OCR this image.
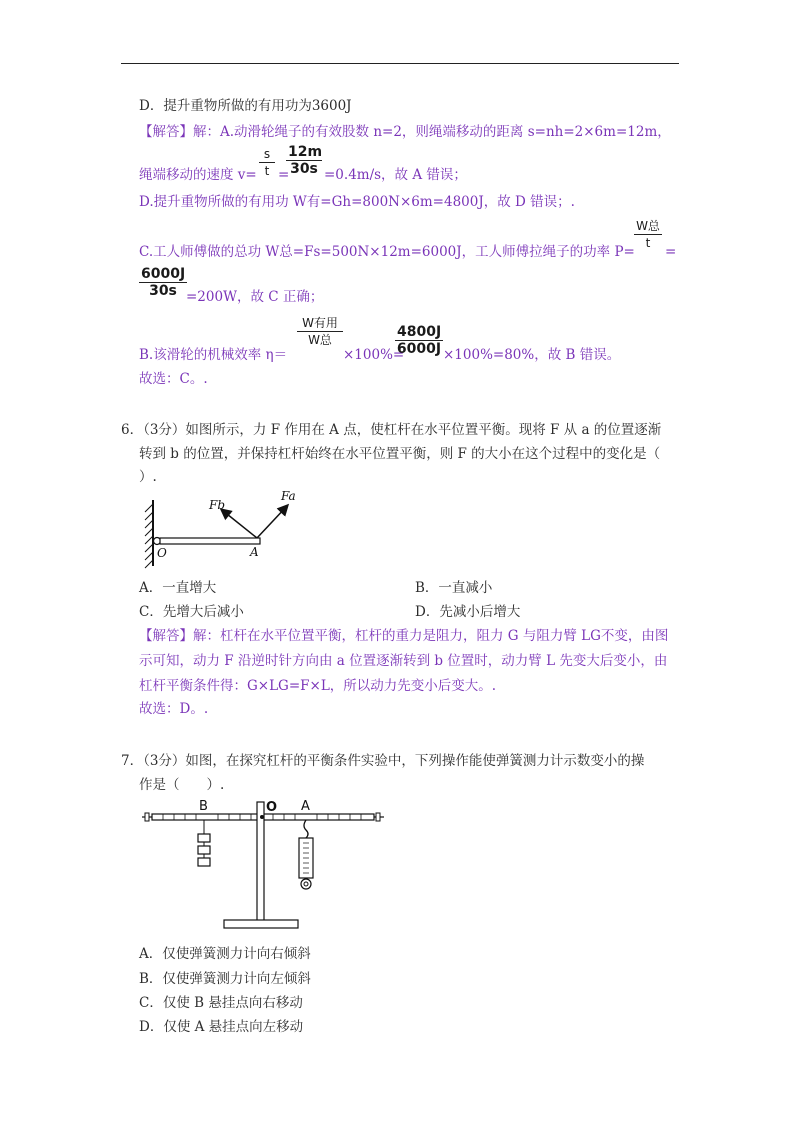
D．提升重物所做的有用功为3600J
【解答】解：A.动滑轮绳子的有效股数 n=2，则绳端移动的距离 s=nh=2×6m=12m，
绳端移动的速度 $v= \frac{s}{t}$ =
$\frac{12m}{30s} =0.4m/s$，故 A 错误；
D.提升重物所做的有用功 W有=Gh=800N×6m=4800J，故 D 错误；.
C.工人师傅做的总功 W总=Fs=500N×12m=6000J，工人师傅拉绳子的功率 P=
W总
t
=
$\frac{6000J}{30s} =200W$，故 C 正确；
B.该滑轮的机械效率 η＝
W有用
W总
×100%=
$\frac{4800J}{6000J} \times 100\%=80\%$，故 B 错误。
故选：C。.
6．（3分）如图所示，力 F 作用在 A 点，使杠杆在水平位置平衡。现将 F 从 a 的位置逐渐
转到 b 的位置，并保持杠杆始终在水平位置平衡，则 F 的大小在这个过程中的变化是（
）.
Fb
Fa
O	A
A．一直增大	B．一直减小
C．先增大后减小	D．先减小后增大
【解答】解：杠杆在水平位置平衡，杠杆的重力是阻力，阻力 G 与阻力臂 LG不变，由图
示可知，动力 F 沿逆时针方向由 a 位置逐渐转到 b 位置时，动力臂 L 先变大后变小，由
杠杆平衡条件得：G×LG=F×L，所以动力先变小后变大。.
故选：D。.
7．（3分）如图，在探究杠杆的平衡条件实验中，下列操作能使弹簧测力计示数变小的操
作是（　　）.
B	O A
A．仅使弹簧测力计向右倾斜
B．仅使弹簧测力计向左倾斜
C．仅使 B 悬挂点向右移动
D．仅使 A 悬挂点向左移动
